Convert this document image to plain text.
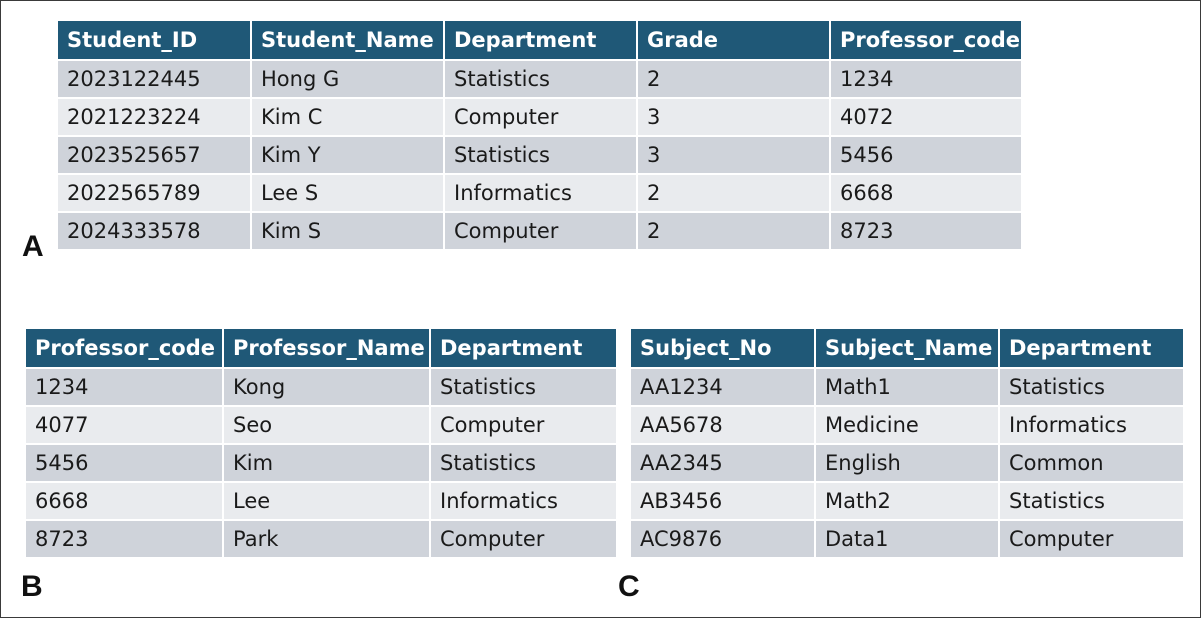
Student_ID	Student_Name	Department	Grade	Professor_code
2023122445	Hong G	Statistics	2	1234
2021223224	Kim C	Computer	3	4072
2023525657	Kim Y	Statistics	3	5456
2022565789	Lee S	Informatics	2	6668
2024333578	Kim S	Computer	2	8723
A
Professor_code	Professor_Name	Department
1234	Kong	Statistics
4077	Seo	Computer
5456	Kim	Statistics
6668	Lee	Informatics
8723	Park	Computer
B
Subject_No	Subject_Name	Department
AA1234	Math1	Statistics
AA5678	Medicine	Informatics
AA2345	English	Common
AB3456	Math2	Statistics
AC9876	Data1	Computer
C
